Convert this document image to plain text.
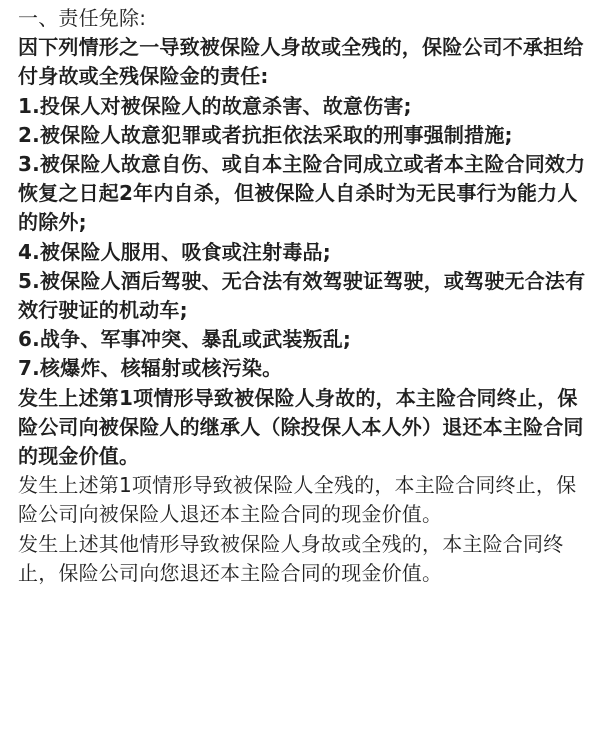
一、责任免除:

因下列情形之一导致被保险人身故或全残的，保险公司不承担给付身故或全残保险金的责任:

1.投保人对被保险人的故意杀害、故意伤害;

2.被保险人故意犯罪或者抗拒依法采取的刑事强制措施;

3.被保险人故意自伤、或自本主险合同成立或者本主险合同效力恢复之日起2年内自杀，但被保险人自杀时为无民事行为能力人的除外;

4.被保险人服用、吸食或注射毒品;

5.被保险人酒后驾驶、无合法有效驾驶证驾驶，或驾驶无合法有效行驶证的机动车;

6.战争、军事冲突、暴乱或武装叛乱;

7.核爆炸、核辐射或核污染。

发生上述第1项情形导致被保险人身故的，本主险合同终止，保险公司向被保险人的继承人（除投保人本人外）退还本主险合同的现金价值。

发生上述第1项情形导致被保险人全残的，本主险合同终止，保险公司向被保险人退还本主险合同的现金价值。

发生上述其他情形导致被保险人身故或全残的，本主险合同终止，保险公司向您退还本主险合同的现金价值。
